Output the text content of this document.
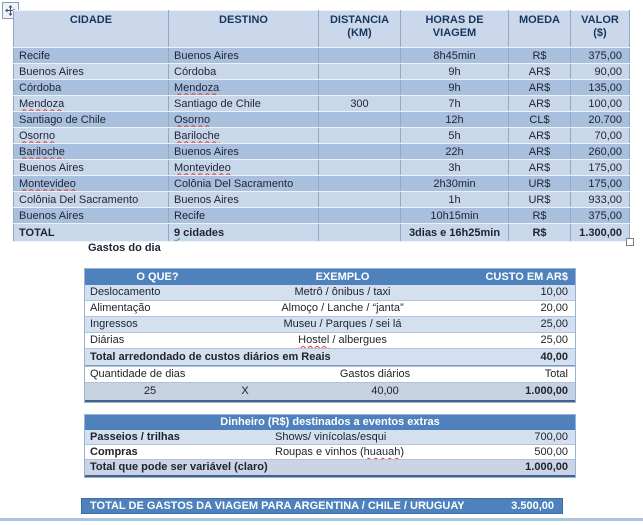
CIDADE	DESTINO	DISTANCIA (KM)	HORAS DE VIAGEM	MOEDA	VALOR ($)
Recife	Buenos Aires		8h45min	R$	375,00
Buenos Aires	Córdoba		9h	AR$	90,00
Córdoba	Mendoza		9h	AR$	135,00
Mendoza	Santiago de Chile	300	7h	AR$	100,00
Santiago de Chile	Osorno		12h	CL$	20.700
Osorno	Bariloche		5h	AR$	70,00
Bariloche	Buenos Aires		22h	AR$	260,00
Buenos Aires	Montevideo		3h	AR$	175,00
Montevideo	Colônia Del Sacramento		2h30min	UR$	175,00
Colônia Del Sacramento	Buenos Aires		1h	UR$	933,00
Buenos Aires	Recife		10h15min	R$	375,00
TOTAL	9 cidades		3dias e 16h25min	R$	1.300,00
Gastos do dia
O QUE?	EXEMPLO	CUSTO EM AR$
Deslocamento	Metrô / ônibus / taxi	10,00
Alimentação	Almoço / Lanche / “janta”	20,00
Ingressos	Museu / Parques / sei lá	25,00
Diárias	Hostel / albergues	25,00
Total arredondado de custos diários em Reais	40,00
Quantidade de dias	Gastos diários	Total
25	X	40,00	1.000,00
Dinheiro (R$) destinados a eventos extras
Passeios / trilhas	Shows/ vinícolas/esqui	700,00
Compras	Roupas e vinhos (huauah)	500,00
Total que pode ser variável (claro)	1.000,00
TOTAL DE GASTOS DA VIAGEM PARA ARGENTINA / CHILE / URUGUAY	3.500,00
